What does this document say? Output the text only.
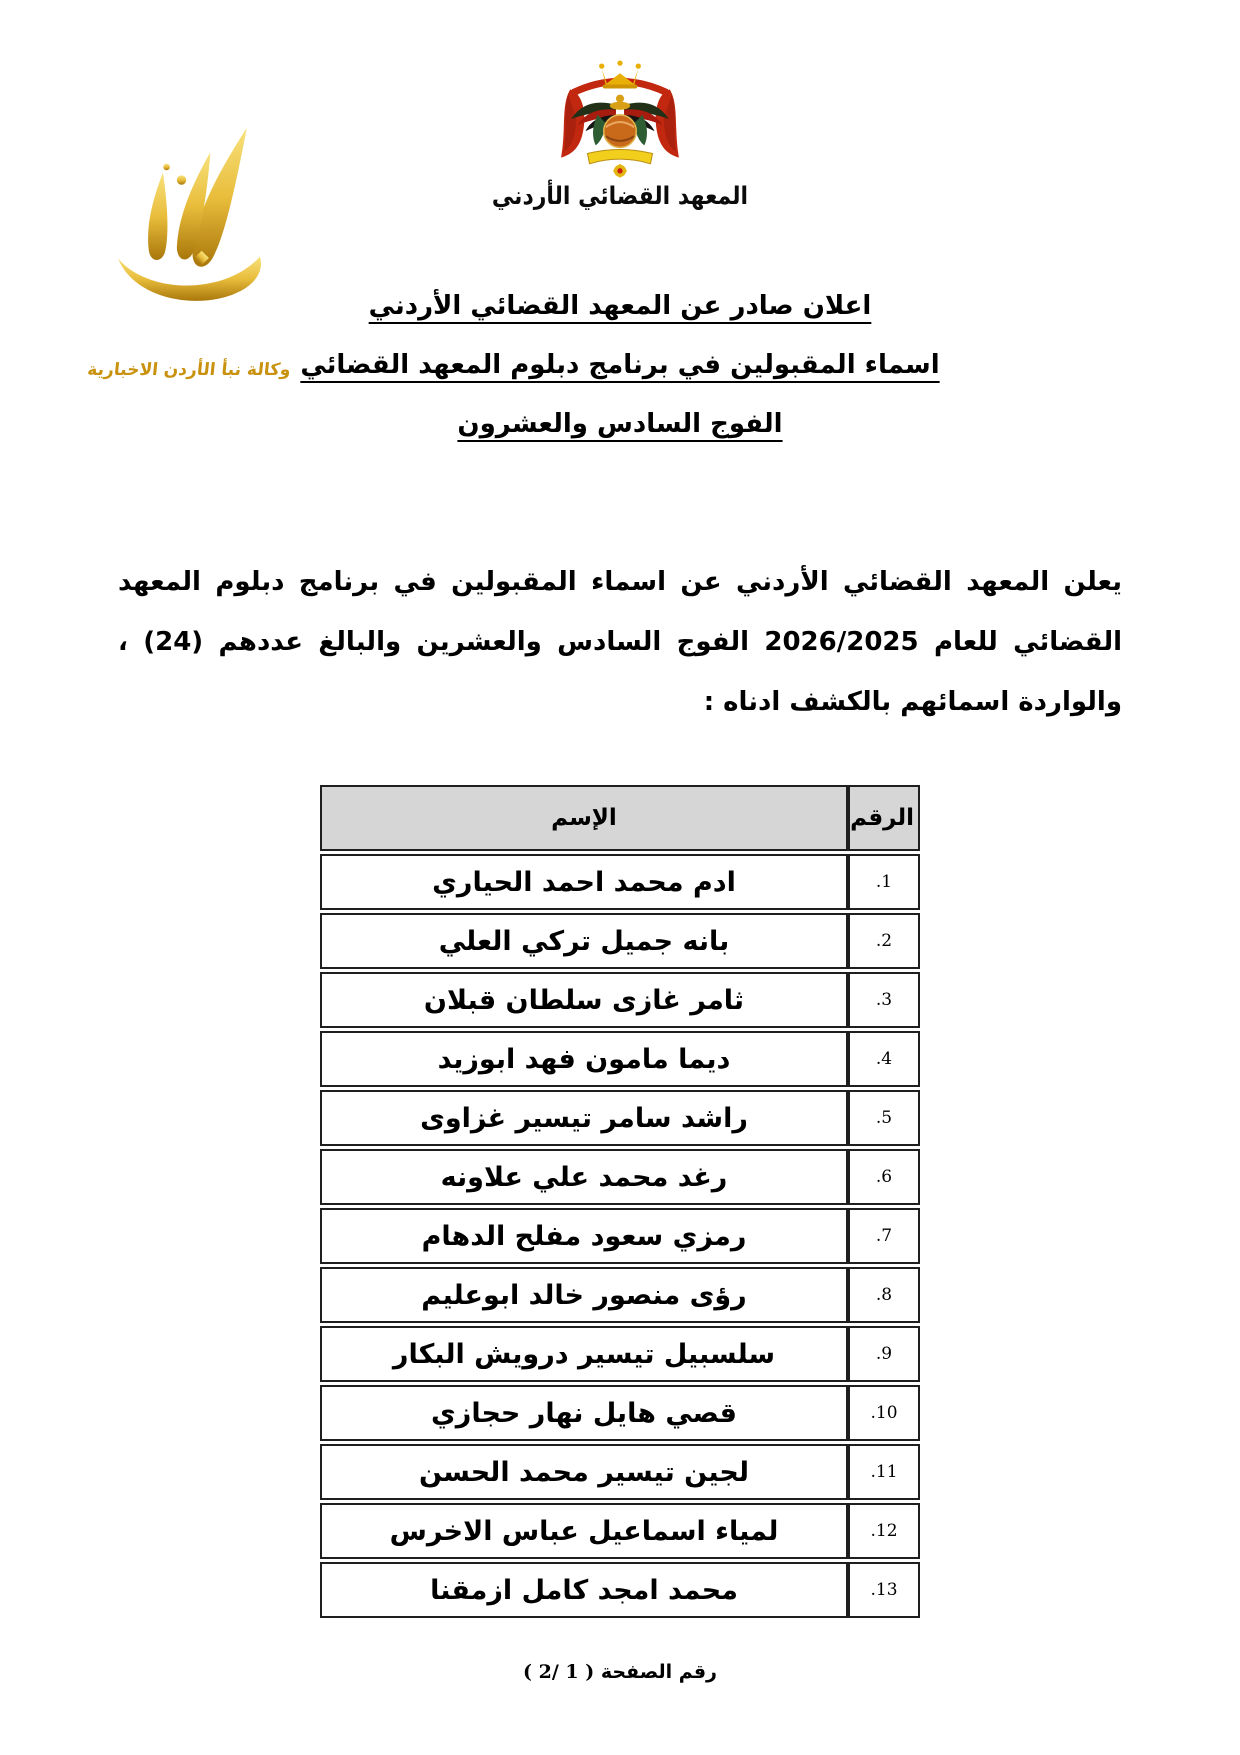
وكالة نبأ الأردن الاخبارية
المعهد القضائي الأردني
اعلان صادر عن المعهد القضائي الأردني
اسماء المقبولين في برنامج دبلوم المعهد القضائي
الفوج السادس والعشرون
يعلن المعهد القضائي الأردني عن اسماء المقبولين في برنامج دبلوم المعهد
القضائي للعام 2026/2025 الفوج السادس والعشرين والبالغ عددهم (24) ،
والواردة اسمائهم بالكشف ادناه :
الرقم	الإسم
1.	ادم محمد احمد الحياري
2.	بانه جميل تركي العلي
3.	ثامر غازى سلطان قبلان
4.	ديما مامون فهد ابوزيد
5.	راشد سامر تيسير غزاوى
6.	رغد محمد علي علاونه
7.	رمزي سعود مفلح الدهام
8.	رؤى منصور خالد ابوعليم
9.	سلسبيل تيسير درويش البكار
10.	قصي هايل نهار حجازي
11.	لجين تيسير محمد الحسن
12.	لمياء اسماعيل عباس الاخرس
13.	محمد امجد كامل ازمقنا
رقم الصفحة ( 1 /2 )
